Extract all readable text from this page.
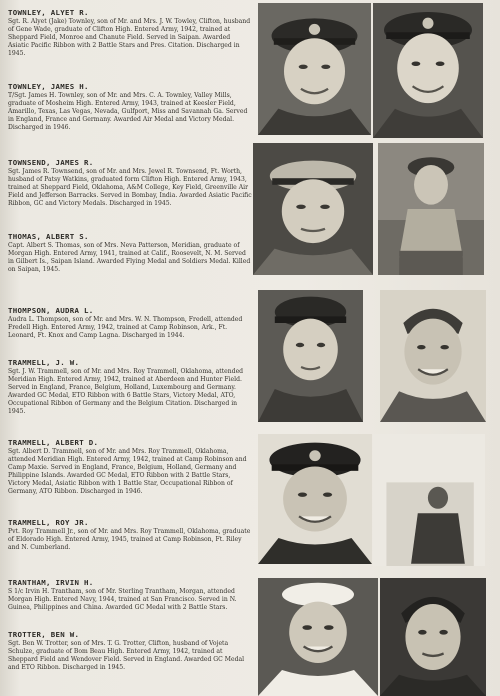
TOWNLEY, ALYET R.

Sgt. R. Alyet (Jake) Townley, son of Mr. and Mrs. J. W. Towley, Clifton, husband of Gene Wade, graduate of Clifton High. Entered Army, 1942, trained at Sheppard Field, Monroe and Chanute Field. Served in Saipan. Awarded Asiatic Pacific Ribbon with 2 Battle Stars and Pres. Citation. Discharged in 1945.

TOWNLEY, JAMES H.

T/Sgt. James H. Townley, son of Mr. and Mrs. C. A. Townley, Valley Mills, graduate of Mosheim High. Entered Army, 1943, trained at Keesler Field, Amarillo, Texas, Las Vegas, Nevada, Gulfport, Miss and Savannah Ga. Served in England, France and Germany. Awarded Air Medal and Victory Medal. Discharged in 1946.

TOWNSEND, JAMES R.

Sgt. James R. Townsend, son of Mr. and Mrs. Jewel R. Townsend, Ft. Worth, husband of Patsy Watkins, graduated form Clifton High. Entered Army, 1943, trained at Sheppard Field, Oklahoma, A&M College, Key Field, Greenville Air Field and Jefferson Barracks. Served in Bombay, India. Awarded Asiatic Pacific Ribbon, GC and Victory Medals. Discharged in 1945.

THOMAS, ALBERT S.

Capt. Albert S. Thomas, son of Mrs. Neva Patterson, Meridian, graduate of Morgan High. Entered Army, 1941, trained at Calif., Roosevelt, N. M. Served in Gilbert Is., Saipan Island. Awarded Flying Medal and Soldiers Medal. Killed on Saipan, 1945.

THOMPSON, AUDRA L.

Audra L. Thompson, son of Mr. and Mrs. W. N. Thompson, Fredell, attended Fredell High. Entered Army, 1942, trained at Camp Robinson, Ark., Ft. Leonard, Ft. Knox and Camp Lagna. Discharged in 1944.

TRAMMELL, J. W.

Sgt. J. W. Trammell, son of Mr. and Mrs. Roy Trammell, Oklahoma, attended Meridian High. Entered Army, 1942, trained at Aberdeen and Hunter Field. Served in England, France, Belgium, Holland, Luxembourg and Germany. Awarded GC Medal, ETO Ribbon with 6 Battle Stars, Victory Medal, ATO, Occupational Ribbon of Germany and the Belgium Citation. Discharged in 1945.

TRAMMELL, ALBERT D.

Sgt. Albert D. Trammell, son of Mr. and Mrs. Roy Trammell, Oklahoma, attended Meridian High. Entered Army, 1942, trained at Camp Robinson and Camp Maxie. Served in England, France, Belgium, Holland, Germany and Philippine Islands. Awarded GC Medal, ETO Ribbon with 2 Battle Stars, Victory Medal, Asiatic Ribbon with 1 Battle Star, Occupational Ribbon of Germany, ATO Ribbon. Discharged in 1946.

TRAMMELL, ROY JR.

Pvt. Roy Trammell Jr., son of Mr. and Mrs. Roy Trammell, Oklahoma, graduate of Eldorado High. Entered Army, 1945, trained at Camp Robinson, Ft. Riley and N. Cumberland.

TRANTHAM, IRVIN H.

S 1/c Irvin H. Trantham, son of Mr. Sterling Trantham, Morgan, attended Morgan High. Entered Navy, 1944, trained at San Francisco. Served in N. Guinea, Philippines and China. Awarded GC Medal with 2 Battle Stars.

TROTTER, BEN W.

Sgt. Ben W. Trotter, son of Mrs. T. G. Trotter, Clifton, husband of Vojeta Schulze, graduate of Bom Beau High. Entered Army, 1942, trained at Sheppard Field and Wendover Field. Served in England. Awarded GC Medal and ETO Ribbon. Discharged in 1945.
